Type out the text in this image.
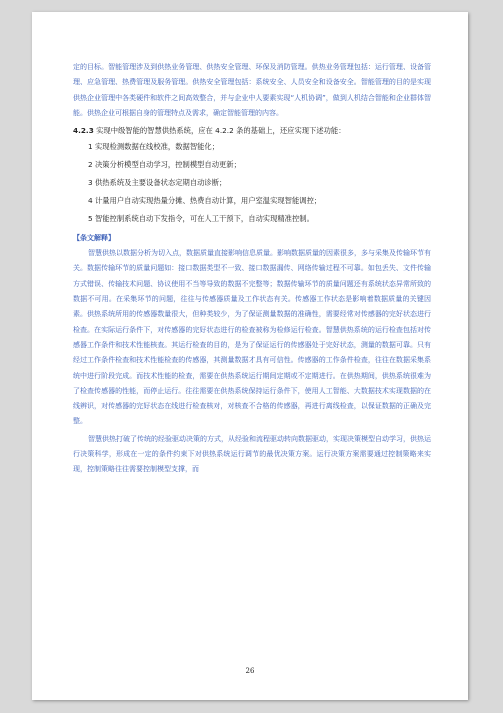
定的目标。智能管理涉及到供热业务管理、供热安全管理、环保及消防管理。供热业务管理包括：运行管理、设备管理、应急管理、热费管理及服务管理。供热安全管理包括：系统安全、人员安全和设备安全。智能管理的目的是实现供热企业管理中各类硬件和软件之间高效整合，并与企业中人要素实现“人机协调”，做到人机结合智能和企业群体智能。供热企业可根据自身的管理特点及需求，确定智能管理的内容。

4.2.3 实现中级智能的智慧供热系统，应在 4.2.2 条的基础上，还应实现下述功能：

1 实现检测数据在线校准，数据智能化；

2 决策分析模型自动学习，控制模型自动更新；

3 供热系统及主要设备状态定期自动诊断；

4 计量用户自动实现热量分摊、热费自动计算，用户室温实现智能调控；

5 智能控制系统自动下发指令，可在人工干预下，自动实现精准控制。

【条文解释】

智慧供热以数据分析为切入点，数据质量直接影响信息质量。影响数据质量的因素很多，多与采集及传输环节有关。数据传输环节的质量问题如：接口数据类型不一致、接口数据漏传、网络传输过程不可靠。如包丢失、文件传输方式错误、传输技术问题、协议使用不当等导致的数据不完整等；数据传输环节的质量问题还有系统状态异常所致的数据不可用。在采集环节的问题，往往与传感器质量及工作状态有关。传感器工作状态是影响着数据质量的关键因素。供热系统所用的传感器数量很大，但种类较少，为了保证测量数据的准确性，需要经常对传感器的完好状态进行检查。在实际运行条件下，对传感器的完好状态进行的检查被称为检修运行检查。智慧供热系统的运行检查包括对传感器工作条件和技术性能核查。其运行检查的目的，是为了保证运行的传感器处于完好状态，测量的数据可靠。只有经过工作条件检查和技术性能检查的传感器，其测量数据才具有可信性。传感器的工作条件检查，往往在数据采集系统中进行阶段完成。而技术性能的检查，需要在供热系统运行期间定期或不定期进行。在供热期间，供热系统很难为了检查传感器的性能，而停止运行。往往需要在供热系统保持运行条件下，使用人工智能、大数据技术实现数据的在线辨识，对传感器的完好状态在线进行检查核对，对核查不合格的传感器，再进行离线检查，以保证数据的正确及完整。

智慧供热打破了传统的经验驱动决策的方式，从经验和流程驱动转向数据驱动，实现决策模型自动学习，供热运行决策科学，形成在一定的条件约束下对供热系统运行调节的最优决策方案。运行决策方案需要通过控制策略来实现，控制策略往往需要控制模型支撑，而

26
